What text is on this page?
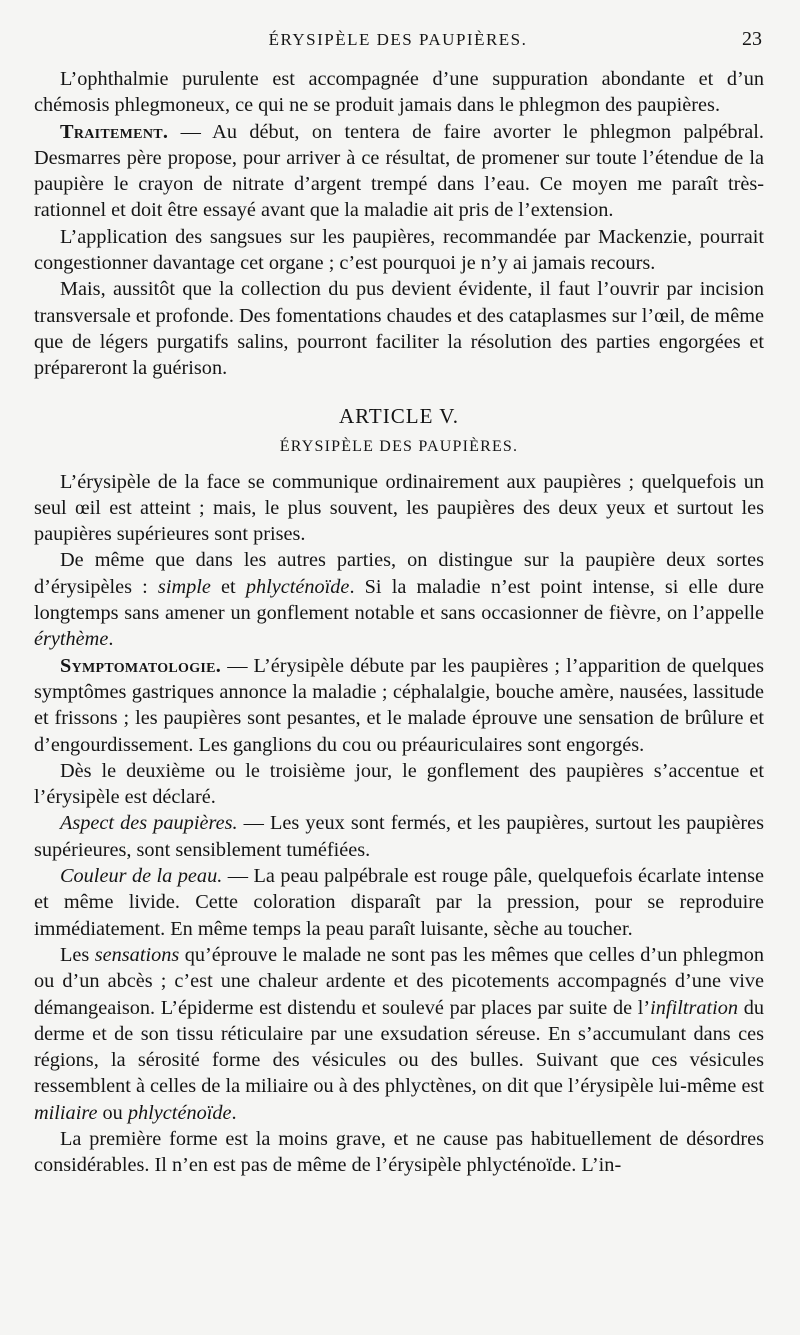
ÉRYSIPÈLE DES PAUPIÈRES.	23

L’ophthalmie purulente est accompagnée d’une suppuration abondante et d’un chémosis phlegmoneux, ce qui ne se produit jamais dans le phlegmon des paupières.

Traitement. — Au début, on tentera de faire avorter le phlegmon palpébral. Desmarres père propose, pour arriver à ce résultat, de promener sur toute l’étendue de la paupière le crayon de nitrate d’argent trempé dans l’eau. Ce moyen me paraît très-rationnel et doit être essayé avant que la maladie ait pris de l’extension.

L’application des sangsues sur les paupières, recommandée par Mackenzie, pourrait congestionner davantage cet organe ; c’est pourquoi je n’y ai jamais recours.

Mais, aussitôt que la collection du pus devient évidente, il faut l’ouvrir par incision transversale et profonde. Des fomentations chaudes et des cataplasmes sur l’œil, de même que de légers purgatifs salins, pourront faciliter la résolution des parties engorgées et prépareront la guérison.

ARTICLE V.
ÉRYSIPÈLE DES PAUPIÈRES.

L’érysipèle de la face se communique ordinairement aux paupières ; quelquefois un seul œil est atteint ; mais, le plus souvent, les paupières des deux yeux et surtout les paupières supérieures sont prises.

De même que dans les autres parties, on distingue sur la paupière deux sortes d’érysipèles : simple et phlycténoïde. Si la maladie n’est point intense, si elle dure longtemps sans amener un gonflement notable et sans occasionner de fièvre, on l’appelle érythème.

Symptomatologie. — L’érysipèle débute par les paupières ; l’apparition de quelques symptômes gastriques annonce la maladie ; céphalalgie, bouche amère, nausées, lassitude et frissons ; les paupières sont pesantes, et le malade éprouve une sensation de brûlure et d’engourdissement. Les ganglions du cou ou préauriculaires sont engorgés.

Dès le deuxième ou le troisième jour, le gonflement des paupières s’accentue et l’érysipèle est déclaré.

Aspect des paupières. — Les yeux sont fermés, et les paupières, surtout les paupières supérieures, sont sensiblement tuméfiées.

Couleur de la peau. — La peau palpébrale est rouge pâle, quelquefois écarlate intense et même livide. Cette coloration disparaît par la pression, pour se reproduire immédiatement. En même temps la peau paraît luisante, sèche au toucher.

Les sensations qu’éprouve le malade ne sont pas les mêmes que celles d’un phlegmon ou d’un abcès ; c’est une chaleur ardente et des picotements accompagnés d’une vive démangeaison. L’épiderme est distendu et soulevé par places par suite de l’infiltration du derme et de son tissu réticulaire par une exsudation séreuse. En s’accumulant dans ces régions, la sérosité forme des vésicules ou des bulles. Suivant que ces vésicules ressemblent à celles de la miliaire ou à des phlyctènes, on dit que l’érysipèle lui-même est miliaire ou phlycténoïde.

La première forme est la moins grave, et ne cause pas habituellement de désordres considérables. Il n’en est pas de même de l’érysipèle phlycténoïde. L’in-
